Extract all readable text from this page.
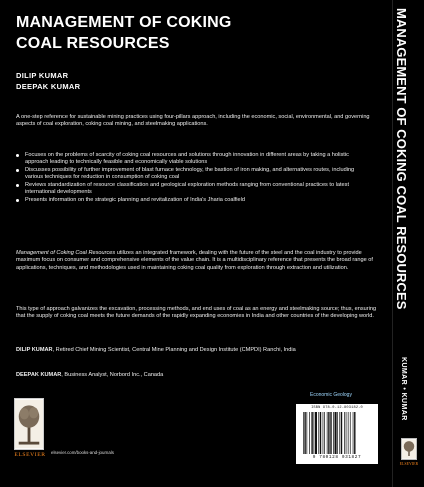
MANAGEMENT OF COKING
COAL RESOURCES
DILIP KUMAR
DEEPAK KUMAR

A one-step reference for sustainable mining practices using four-pillars approach, including the economic, social, environmental, and governing aspects of coal exploration, coking coal mining, and steelmaking applications.

Focuses on the problems of scarcity of coking coal resources and solutions through innovation in different areas by taking a holistic approach leading to technically feasible and economically viable solutions
Discusses possibility of further improvement of blast furnace technology, the bastion of iron making, and alternatives routes, including various techniques for reduction in consumption of coking coal
Reviews standardization of resource classification and geological exploration methods ranging from conventional practices to latest international developments
Presents information on the strategic planning and revitalization of India's Jharia coalfield

Management of Coking Coal Resources utilizes an integrated framework, dealing with the future of the steel and the coal industry to provide maximum focus on consumer and comprehensive elements of the value chain. It is a multidisciplinary reference that presents the broad range of applications, techniques, and methodologies used in maintaining coking coal quality from exploration through extraction and utilization.

This type of approach galvanizes the excavation, processing methods, and end uses of coal as an energy and steelmaking source; thus, ensuring that the supply of coking coal meets the future demands of the rapidly expanding economies in India and other countries of the developing world.

DILIP KUMAR, Retired Chief Mining Scientist, Central Mine Planning and Design Institute (CMPDI) Ranchi, India

DEEPAK KUMAR, Business Analyst, Norbord Inc., Canada

ELSEVIER	elsevier.com/books-and-journals
Economic Geology
ISBN 978-0-12-803182-0
9 780128 031827
MANAGEMENT OF COKING COAL RESOURCES
KUMAR • KUMAR
ELSEVIER
